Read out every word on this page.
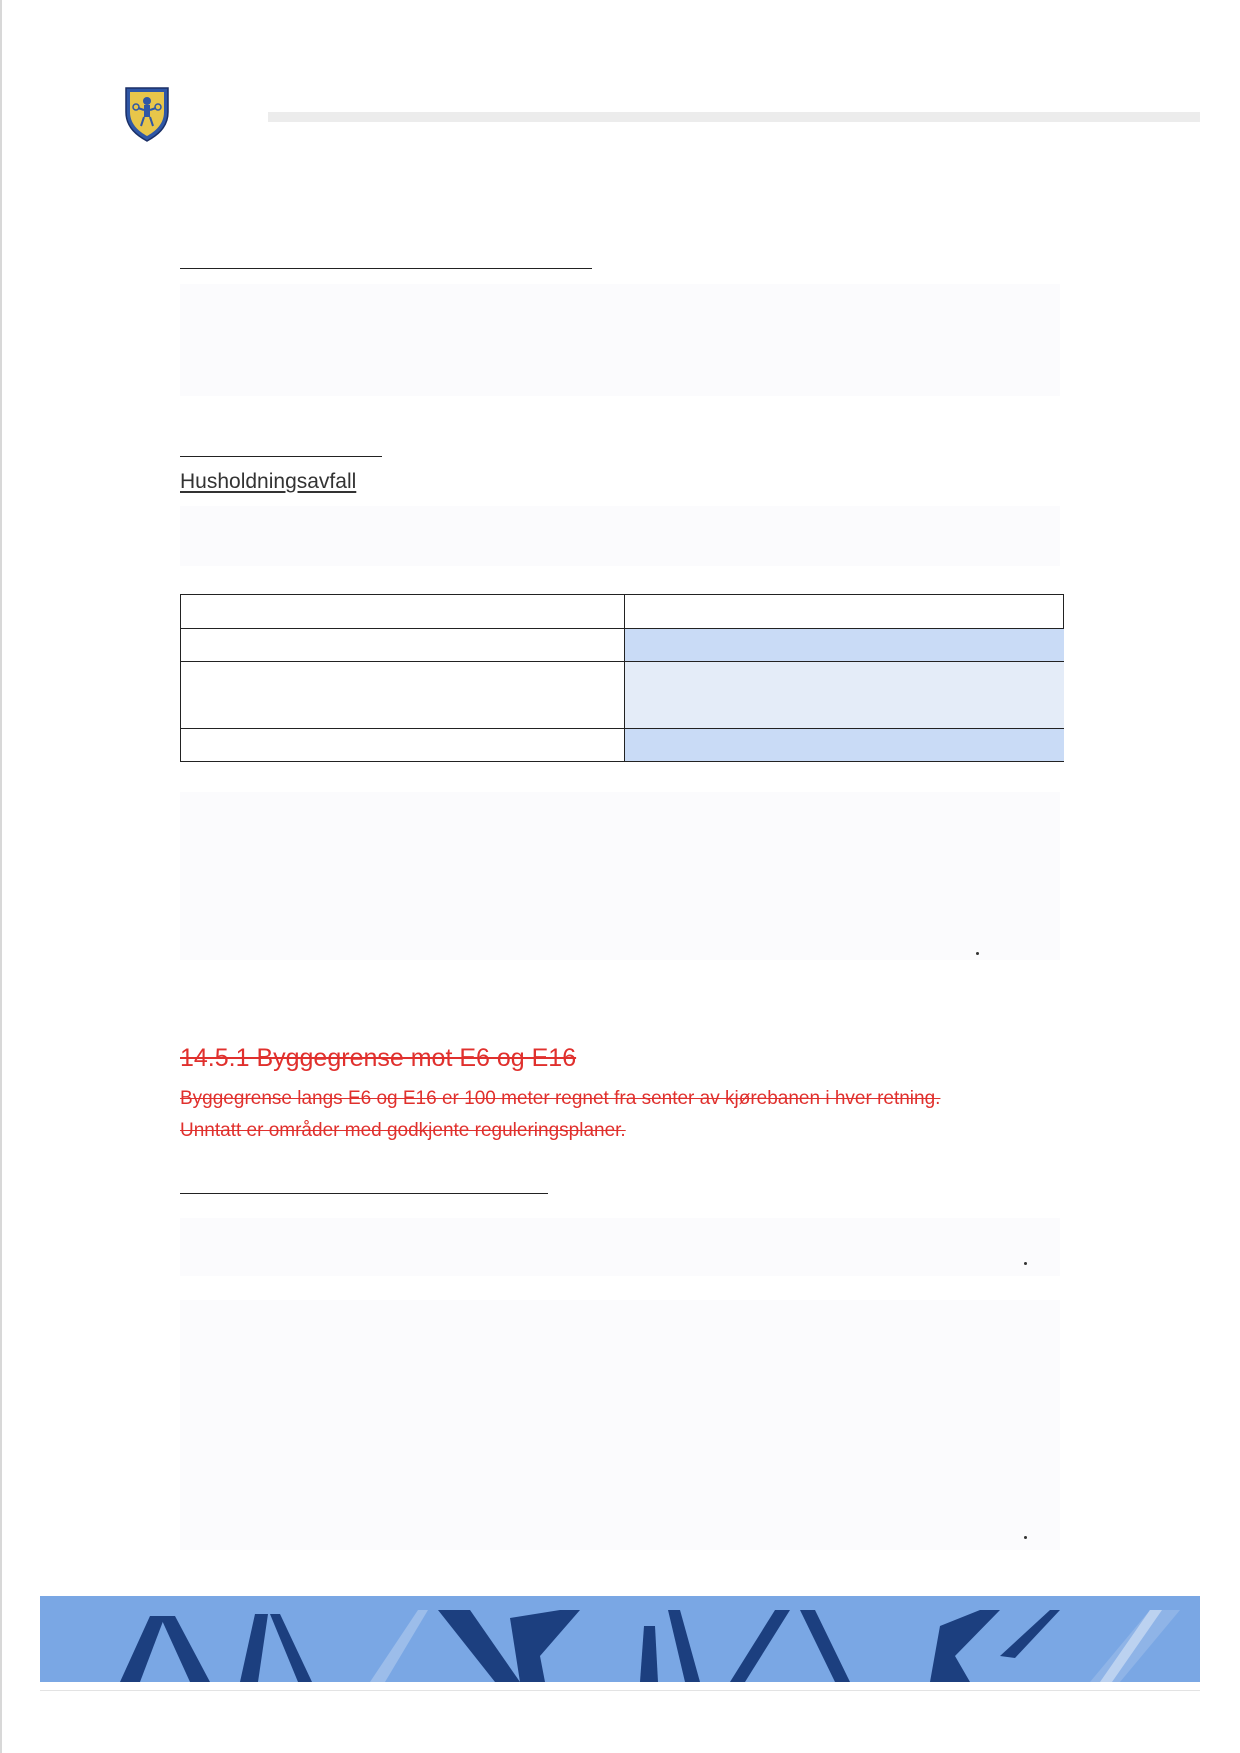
Husholdningsavfall
14.5.1 Byggegrense mot E6 og E16
Byggegrense langs E6 og E16 er 100 meter regnet fra senter av kjørebanen i hver retning.
Unntatt er områder med godkjente reguleringsplaner.
